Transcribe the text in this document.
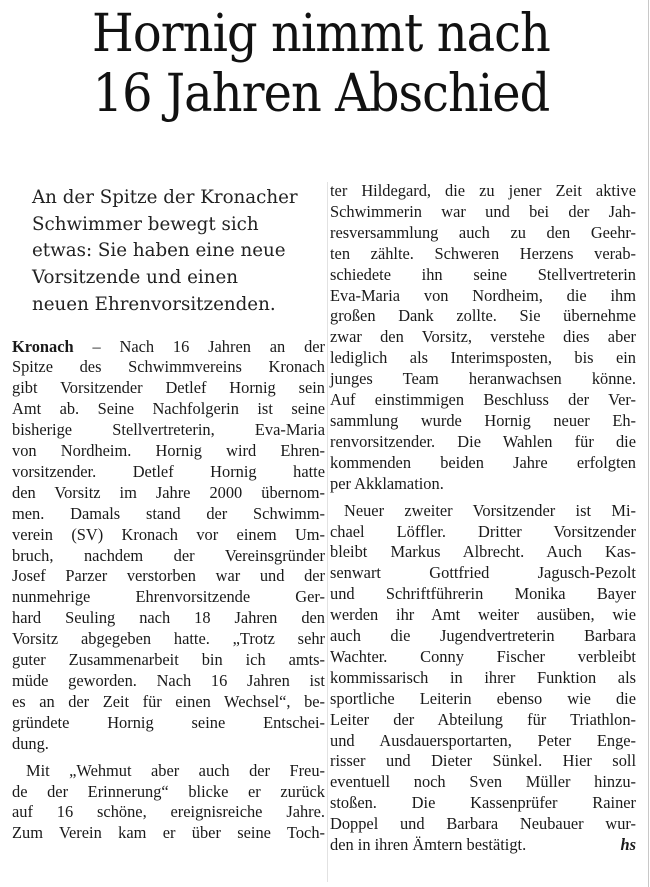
Hornig nimmt nach
16 Jahren Abschied
An der Spitze der Kronacher
Schwimmer bewegt sich
etwas: Sie haben eine neue
Vorsitzende und einen
neuen Ehrenvorsitzenden.
Kronach – Nach 16 Jahren an der
Spitze des Schwimmvereins Kronach
gibt Vorsitzender Detlef Hornig sein
Amt ab. Seine Nachfolgerin ist seine
bisherige Stellvertreterin, Eva-Maria
von Nordheim. Hornig wird Ehren-
vorsitzender. Detlef Hornig hatte
den Vorsitz im Jahre 2000 übernom-
men. Damals stand der Schwimm-
verein (SV) Kronach vor einem Um-
bruch, nachdem der Vereinsgründer
Josef Parzer verstorben war und der
nunmehrige Ehrenvorsitzende Ger-
hard Seuling nach 18 Jahren den
Vorsitz abgegeben hatte. „Trotz sehr
guter Zusammenarbeit bin ich amts-
müde geworden. Nach 16 Jahren ist
es an der Zeit für einen Wechsel“, be-
gründete Hornig seine Entschei-
dung.
Mit „Wehmut aber auch der Freu-
de der Erinnerung“ blicke er zurück
auf 16 schöne, ereignisreiche Jahre.
Zum Verein kam er über seine Toch-
ter Hildegard, die zu jener Zeit aktive
Schwimmerin war und bei der Jah-
resversammlung auch zu den Geehr-
ten zählte. Schweren Herzens verab-
schiedete ihn seine Stellvertreterin
Eva-Maria von Nordheim, die ihm
großen Dank zollte. Sie übernehme
zwar den Vorsitz, verstehe dies aber
lediglich als Interimsposten, bis ein
junges Team heranwachsen könne.
Auf einstimmigen Beschluss der Ver-
sammlung wurde Hornig neuer Eh-
renvorsitzender. Die Wahlen für die
kommenden beiden Jahre erfolgten
per Akklamation.
Neuer zweiter Vorsitzender ist Mi-
chael Löffler. Dritter Vorsitzender
bleibt Markus Albrecht. Auch Kas-
senwart Gottfried Jagusch-Pezolt
und Schriftführerin Monika Bayer
werden ihr Amt weiter ausüben, wie
auch die Jugendvertreterin Barbara
Wachter. Conny Fischer verbleibt
kommissarisch in ihrer Funktion als
sportliche Leiterin ebenso wie die
Leiter der Abteilung für Triathlon-
und Ausdauersportarten, Peter Enge-
risser und Dieter Sünkel. Hier soll
eventuell noch Sven Müller hinzu-
stoßen. Die Kassenprüfer Rainer
Doppel und Barbara Neubauer wur-
den in ihren Ämtern bestätigt.	hs
